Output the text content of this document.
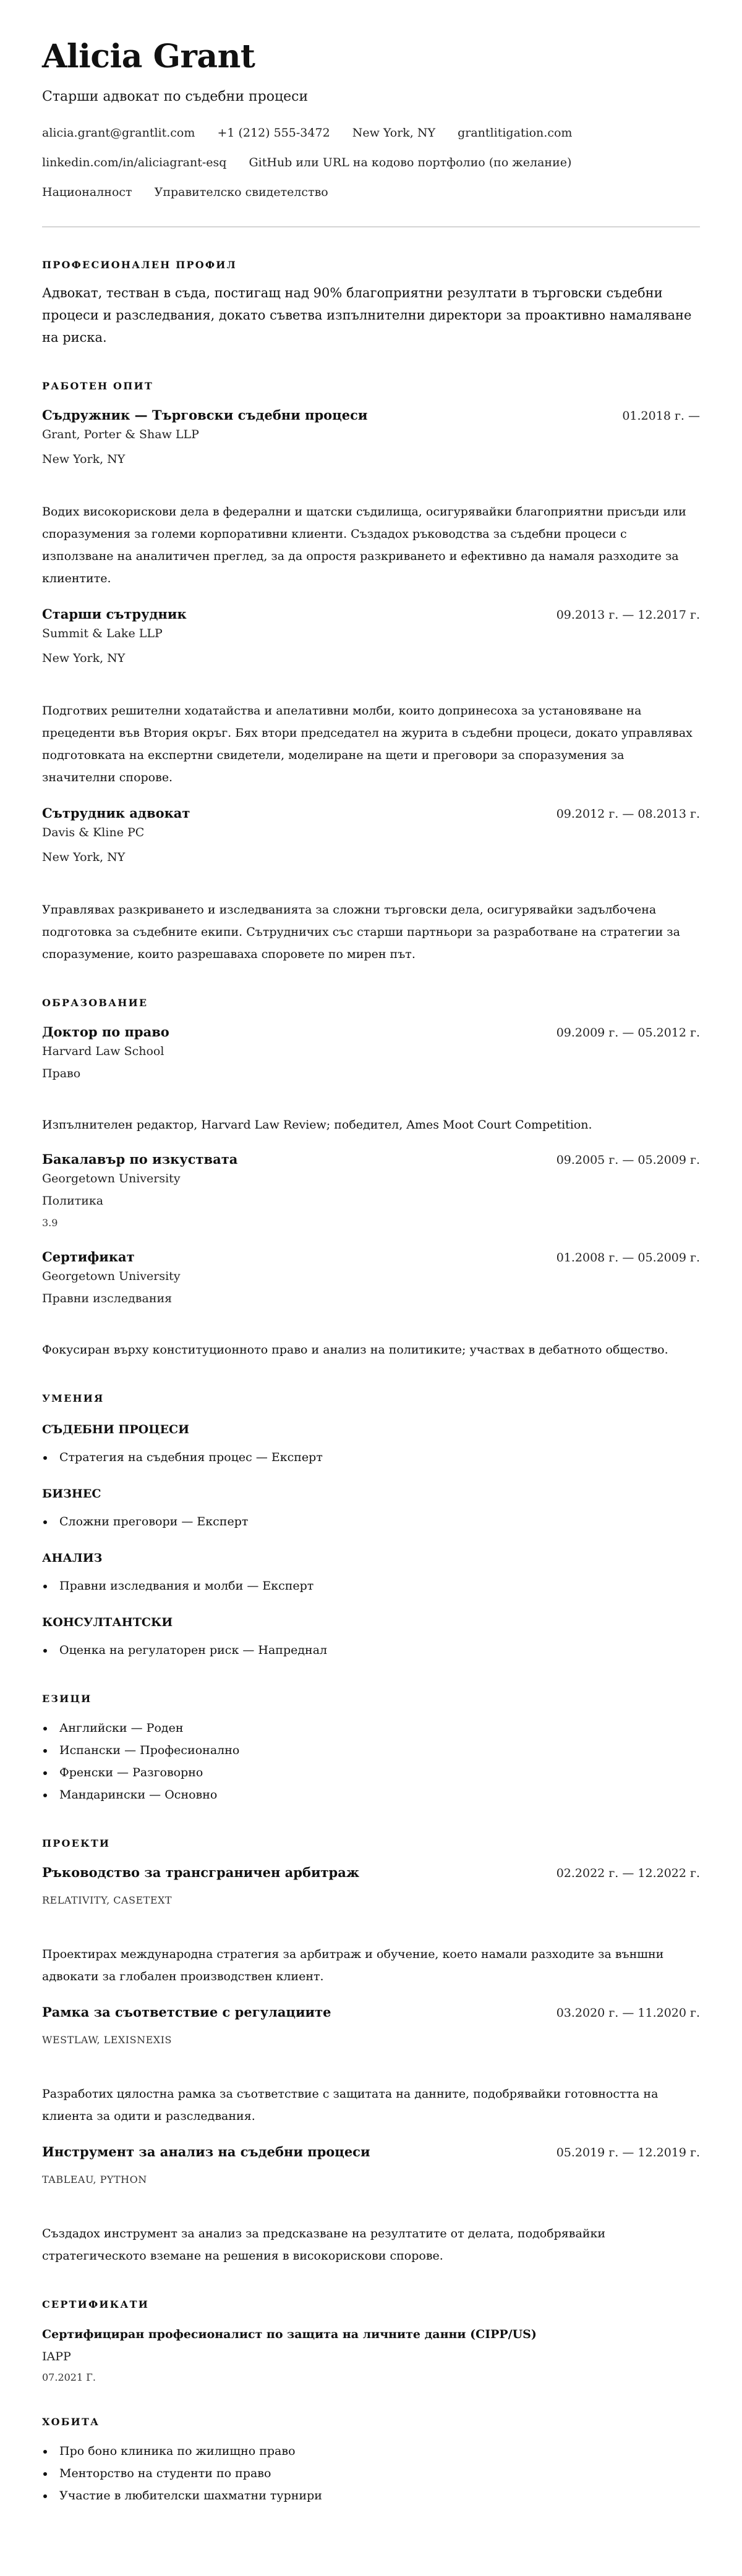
Alicia Grant
Старши адвокат по съдебни процеси
alicia.grant@grantlit.com +1 (212) 555-3472 New York, NY grantlitigation.com
linkedin.com/in/aliciagrant-esq GitHub или URL на кодово портфолио (по желание)
Националност Управителско свидетелство
ПРОФЕСИОНАЛЕН ПРОФИЛ

Адвокат, тестван в съда, постигащ над 90% благоприятни резултати в търговски съдебни процеси и разследвания, докато съветва изпълнителни директори за проактивно намаляване на риска.

РАБОТЕН ОПИТ
Съдружник — Търговски съдебни процеси	01.2018 г. —
Grant, Porter & Shaw LLP
New York, NY
Водих високорискови дела в федерални и щатски съдилища, осигурявайки благоприятни присъди или споразумения за големи корпоративни клиенти. Създадох ръководства за съдебни процеси с използване на аналитичен преглед, за да опростя разкриването и ефективно да намаля разходите за клиентите.
Старши сътрудник	09.2013 г. — 12.2017 г.
Summit & Lake LLP
New York, NY
Подготвих решителни ходатайства и апелативни молби, които допринесоха за установяване на прецеденти във Втория окръг. Бях втори председател на журита в съдебни процеси, докато управлявах подготовката на експертни свидетели, моделиране на щети и преговори за споразумения за значителни спорове.
Сътрудник адвокат	09.2012 г. — 08.2013 г.
Davis & Kline PC
New York, NY
Управлявах разкриването и изследванията за сложни търговски дела, осигурявайки задълбочена подготовка за съдебните екипи. Сътрудничих със старши партньори за разработване на стратегии за споразумение, които разрешаваха споровете по мирен път.
ОБРАЗОВАНИЕ
Доктор по право	09.2009 г. — 05.2012 г.
Harvard Law School
Право
Изпълнителен редактор, Harvard Law Review; победител, Ames Moot Court Competition.
Бакалавър по изкуствата	09.2005 г. — 05.2009 г.
Georgetown University
Политика
3.9
Сертификат	01.2008 г. — 05.2009 г.
Georgetown University
Правни изследвания
Фокусиран върху конституционното право и анализ на политиките; участвах в дебатното общество.
УМЕНИЯ
СЪДЕБНИ ПРОЦЕСИ
Стратегия на съдебния процес — Експерт
БИЗНЕС
Сложни преговори — Експерт
АНАЛИЗ
Правни изследвания и молби — Експерт
КОНСУЛТАНТСКИ
Оценка на регулаторен риск — Напреднал
ЕЗИЦИ
Английски — Роден
Испански — Професионално
Френски — Разговорно
Мандарински — Основно
ПРОЕКТИ
Ръководство за трансграничен арбитраж	02.2022 г. — 12.2022 г.
RELATIVITY, CASETEXT
Проектирах международна стратегия за арбитраж и обучение, което намали разходите за външни адвокати за глобален производствен клиент.
Рамка за съответствие с регулациите	03.2020 г. — 11.2020 г.
WESTLAW, LEXISNEXIS
Разработих цялостна рамка за съответствие с защитата на данните, подобрявайки готовността на клиента за одити и разследвания.
Инструмент за анализ на съдебни процеси	05.2019 г. — 12.2019 г.
TABLEAU, PYTHON
Създадох инструмент за анализ за предсказване на резултатите от делата, подобрявайки стратегическото вземане на решения в високорискови спорове.
СЕРТИФИКАТИ
Сертифициран професионалист по защита на личните данни (CIPP/US)
IAPP
07.2021 Г.
ХОБИТА
Про боно клиника по жилищно право
Менторство на студенти по право
Участие в любителски шахматни турнири
